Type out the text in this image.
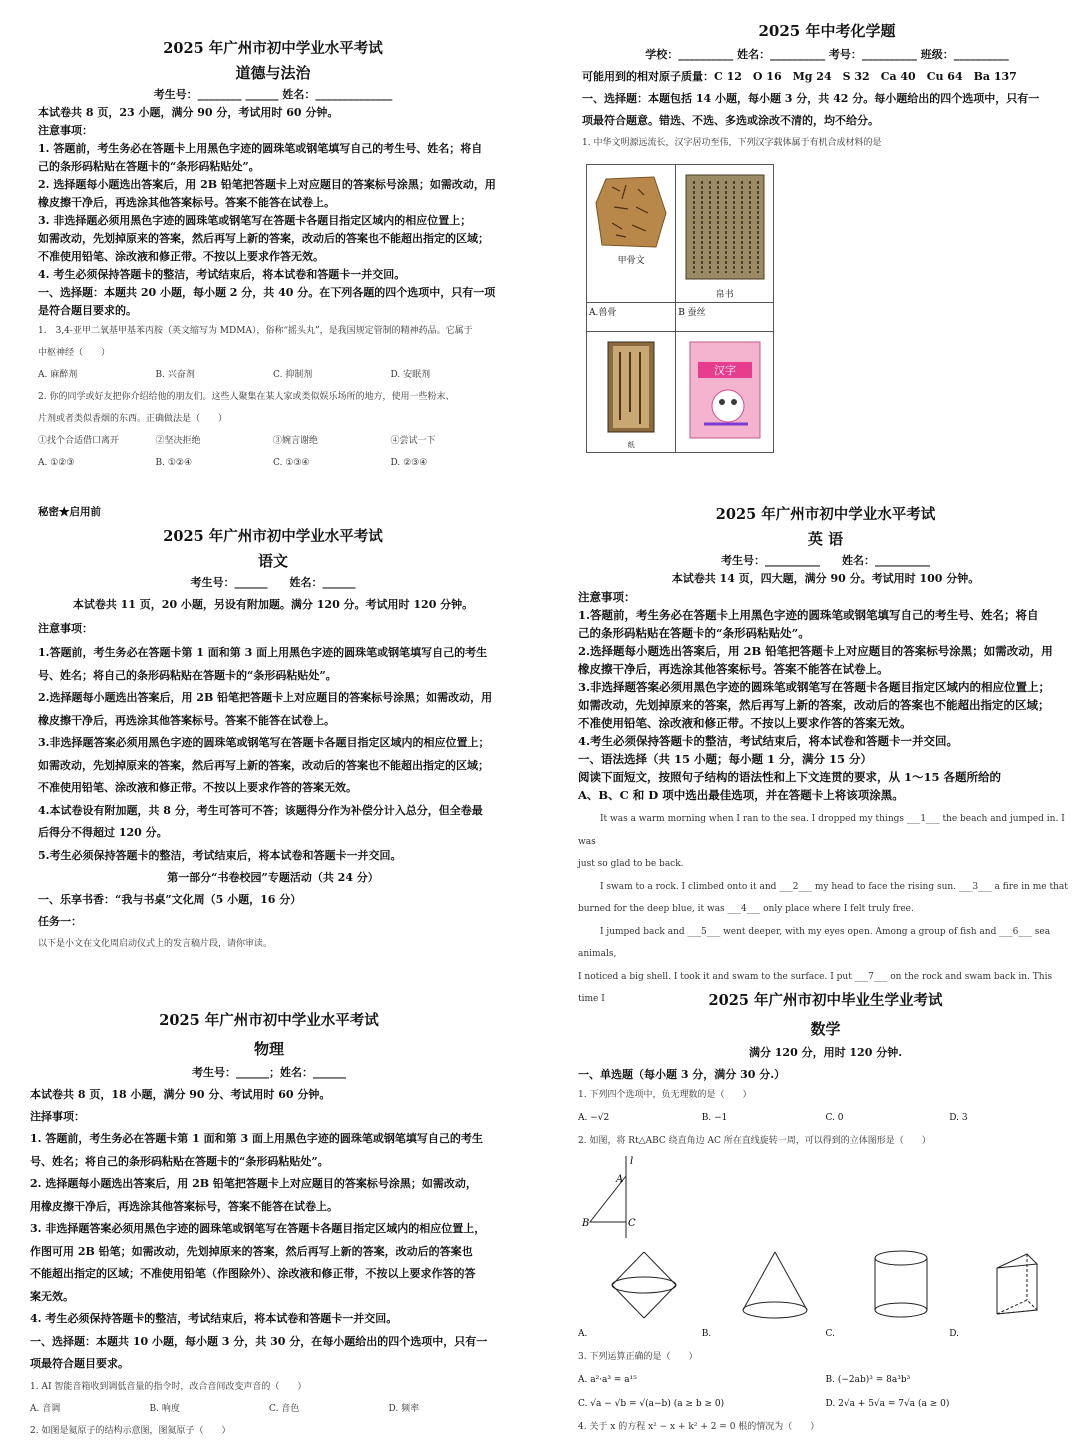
2025 年广州市初中学业水平考试
道德与法治
考生号：________ ______ 姓名：______________
本试卷共 8 页，23 小题，满分 90 分，考试用时 60 分钟。
注意事项：
1. 答题前，考生务必在答题卡上用黑色字迹的圆珠笔或钢笔填写自己的考生号、姓名；将自
己的条形码粘贴在答题卡的“条形码粘贴处”。
2. 选择题每小题选出答案后，用 2B 铅笔把答题卡上对应题目的答案标号涂黑；如需改动，用
橡皮擦干净后，再选涂其他答案标号。答案不能答在试卷上。
3. 非选择题必须用黑色字迹的圆珠笔或钢笔写在答题卡各题目指定区域内的相应位置上；
如需改动，先划掉原来的答案，然后再写上新的答案，改动后的答案也不能超出指定的区域；
不准使用铅笔、涂改液和修正带。不按以上要求作答无效。
4. 考生必须保持答题卡的整洁，考试结束后，将本试卷和答题卡一并交回。
一、选择题：本题共 20 小题，每小题 2 分，共 40 分。在下列各题的四个选项中，只有一项
是符合题目要求的。
1.　3,4-亚甲二氧基甲基苯丙胺（英文缩写为 MDMA），俗称“摇头丸”，是我国规定管制的精神药品。它属于
中枢神经（　　）
A. 麻醉剂	B. 兴奋剂	C. 抑制剂	D. 安眠剂
2. 你的同学或好友把你介绍给他的朋友们。这些人聚集在某人家或类似娱乐场所的地方，使用一些粉末、
片剂或者类似香烟的东西。正确做法是（　　）
①找个合适借口离开	②坚决拒绝	③婉言谢绝	④尝试一下
A. ①②③	B. ①②④	C. ①③④	D. ②③④
2025 年中考化学题
学校：__________ 姓名：__________ 考号：__________ 班级：__________
可能用到的相对原子质量：C 12　O 16　Mg 24　S 32　Ca 40　Cu 64　Ba 137
一、选择题：本题包括 14 小题，每小题 3 分，共 42 分。每小题给出的四个选项中，只有一
项最符合题意。错选、不选、多选或涂改不清的，均不给分。
1. 中华文明源远流长，汉字居功至伟，下列汉字载体属于有机合成材料的是
甲骨文	帛书

A.兽骨	B 蚕丝

纸	汉字
秘密★启用前
2025 年广州市初中学业水平考试
语文
考生号：______　　姓名：______
本试卷共 11 页，20 小题，另设有附加题。满分 120 分。考试用时 120 分钟。
注意事项：
1.答题前，考生务必在答题卡第 1 面和第 3 面上用黑色字迹的圆珠笔或钢笔填写自己的考生
号、姓名；将自己的条形码粘贴在答题卡的“条形码粘贴处”。
2.选择题每小题选出答案后，用 2B 铅笔把答题卡上对应题目的答案标号涂黑；如需改动，用
橡皮擦干净后，再选涂其他答案标号。答案不能答在试卷上。
3.非选择题答案必须用黑色字迹的圆珠笔或钢笔写在答题卡各题目指定区域内的相应位置上；
如需改动，先划掉原来的答案，然后再写上新的答案，改动后的答案也不能超出指定的区域；
不准使用铅笔、涂改液和修正带。不按以上要求作答的答案无效。
4.本试卷设有附加题，共 8 分，考生可答可不答；该题得分作为补偿分计入总分，但全卷最
后得分不得超过 120 分。
5.考生必须保持答题卡的整洁，考试结束后，将本试卷和答题卡一并交回。
第一部分“书卷校园”专题活动（共 24 分）
一、乐享书香：“我与书桌”文化周（5 小题，16 分）
任务一：
以下是小文在文化周启动仪式上的发言稿片段，请你审读。
2025 年广州市初中学业水平考试
英 语
考生号：__________　　姓名：__________
本试卷共 14 页，四大题，满分 90 分。考试用时 100 分钟。
注意事项：
1.答题前，考生务必在答题卡上用黑色字迹的圆珠笔或钢笔填写自己的考生号、姓名；将自
己的条形码粘贴在答题卡的“条形码粘贴处”。
2.选择题每小题选出答案后，用 2B 铅笔把答题卡上对应题目的答案标号涂黑；如需改动，用
橡皮擦干净后，再选涂其他答案标号。答案不能答在试卷上。
3.非选择题答案必须用黑色字迹的圆珠笔或钢笔写在答题卡各题目指定区域内的相应位置上；
如需改动，先划掉原来的答案，然后再写上新的答案，改动后的答案也不能超出指定的区域；
不准使用铅笔、涂改液和修正带。不按以上要求作答的答案无效。
4.考生必须保持答题卡的整洁，考试结束后，将本试卷和答题卡一并交回。
一、语法选择（共 15 小题；每小题 1 分，满分 15 分）
阅读下面短文，按照句子结构的语法性和上下文连贯的要求，从 1～15 各题所给的
A、B、C 和 D 项中选出最佳选项，并在答题卡上将该项涂黑。
It was a warm morning when I ran to the sea. I dropped my things ___1___ the beach and jumped in. I was
just so glad to be back.
I swam to a rock. I climbed onto it and ___2___ my head to face the rising sun. ___3___ a fire in me that
burned for the deep blue, it was ___4___ only place where I felt truly free.
I jumped back and ___5___ went deeper, with my eyes open. Among a group of fish and ___6___ sea animals,
I noticed a big shell. I took it and swam to the surface. I put ___7___ on the rock and swam back in. This time I
2025 年广州市初中学业水平考试
物理
考生号：______；姓名：______
本试卷共 8 页，18 小题，满分 90 分、考试用时 60 分钟。
注择事项：
1. 答题前，考生务必在答题卡第 1 面和第 3 面上用黑色字迹的圆珠笔或钢笔填写自己的考生
号、姓名；将自己的条形码粘贴在答题卡的“条形码粘贴处”。
2. 选择题每小题选出答案后，用 2B 铅笔把答题卡上对应题目的答案标号涂黑；如需改动，
用橡皮擦干净后，再选涂其他答案标号，答案不能答在试卷上。
3. 非选择题答案必须用黑色字迹的圆珠笔或钢笔写在答题卡各题目指定区域内的相应位置上，
作图可用 2B 铅笔；如需改动，先划掉原来的答案，然后再写上新的答案，改动后的答案也
不能超出指定的区域；不准使用铅笔（作图除外）、涂改液和修正带，不按以上要求作答的答
案无效。
4. 考生必须保持答题卡的整洁，考试结束后，将本试卷和答题卡一并交回。
一、选择题：本题共 10 小题，每小题 3 分，共 30 分，在每小题给出的四个选项中，只有一
项最符合题目要求。
1. AI 智能音箱收到调低音量的指令时，改合音间改变声音的（　　）
A. 音调	B. 响度	C. 音色	D. 频率
2. 如图是氦原子的结构示意图，图氦原子（　　）
2025 年广州市初中毕业生学业考试
数学
满分 120 分，用时 120 分钟.
一、单选题（每小题 3 分，满分 30 分.）
1. 下列四个选项中，负无理数的是（　　）
A. −√2	B. −1	C. 0	D. 3
2. 如图，将 Rt△ABC 绕直角边 AC 所在直线旋转一周，可以得到的立体图形是（　　）
l
A
B	C
A.	B.	C.	D.
3. 下列运算正确的是（　　）
A. a²·a³ = a¹⁵	B. (−2ab)³ = 8a³b³
C. √a − √b = √(a−b) (a ≥ b ≥ 0)	D. 2√a + 5√a = 7√a (a ≥ 0)
4. 关于 x 的方程 x² − x + k² + 2 = 0 根的情况为（　　）
